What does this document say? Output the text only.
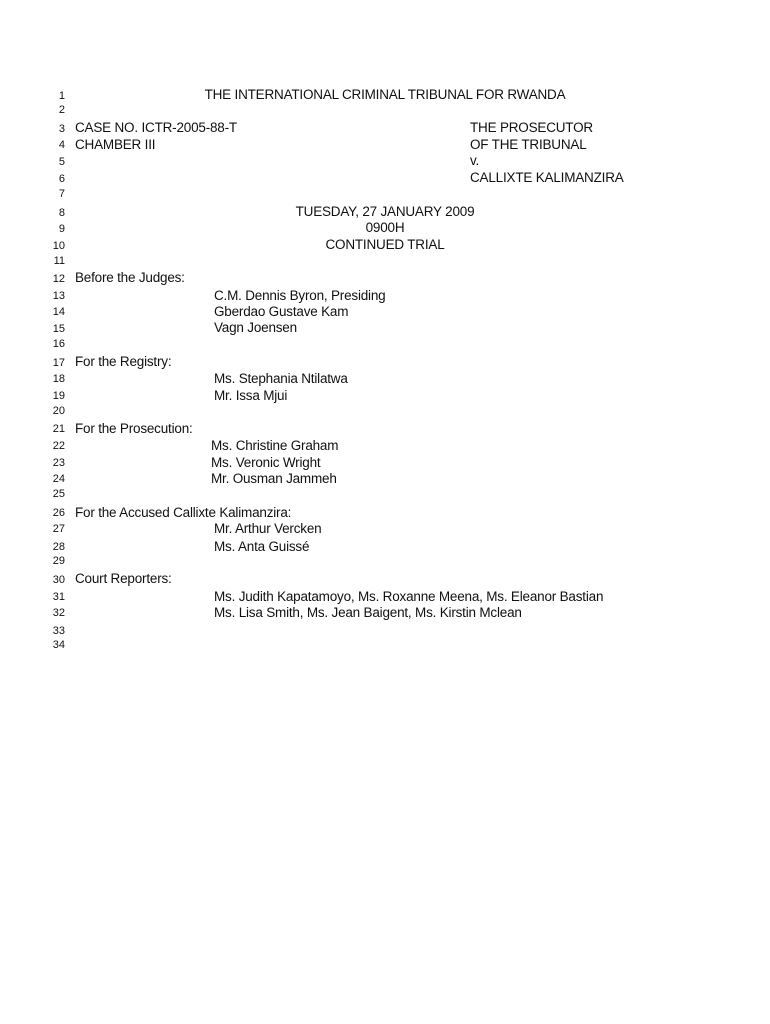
1
2
3
4
5
6
7
8
9
10
11
12
13
14
15
16
17
18
19
20
21
22
23
24
25
26
27
28
29
30
31
32
33
34
THE INTERNATIONAL CRIMINAL TRIBUNAL FOR RWANDA
CASE NO. ICTR-2005-88-T
CHAMBER III
THE PROSECUTOR
OF THE TRIBUNAL
v.
CALLIXTE KALIMANZIRA
TUESDAY, 27 JANUARY 2009
0900H
CONTINUED TRIAL
Before the Judges:
C.M. Dennis Byron, Presiding
Gberdao Gustave Kam
Vagn Joensen
For the Registry:
Ms. Stephania Ntilatwa
Mr. Issa Mjui
For the Prosecution:
Ms. Christine Graham
Ms. Veronic Wright
Mr. Ousman Jammeh
For the Accused Callixte Kalimanzira:
Mr. Arthur Vercken
Ms. Anta Guissé
Court Reporters:
Ms. Judith Kapatamoyo, Ms. Roxanne Meena, Ms. Eleanor Bastian
Ms. Lisa Smith, Ms. Jean Baigent, Ms. Kirstin Mclean
